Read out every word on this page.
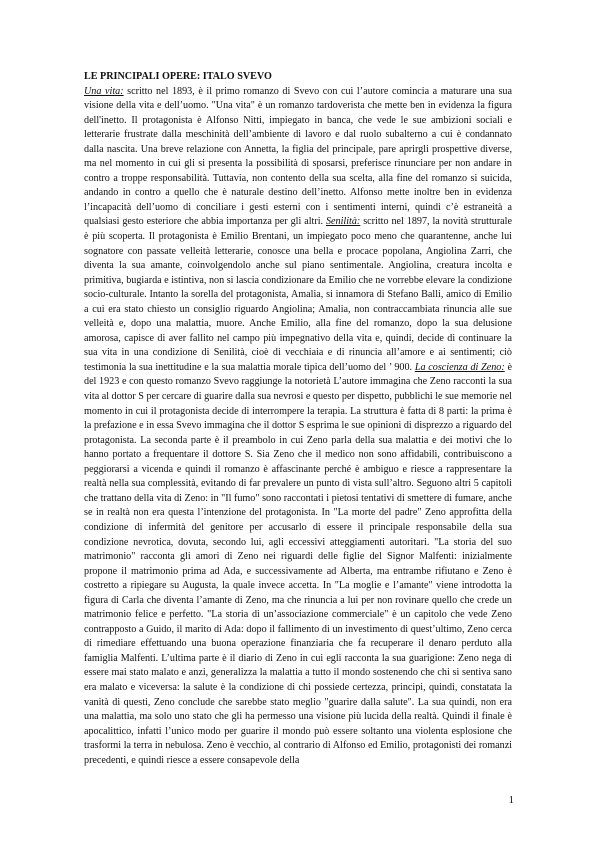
LE PRINCIPALI OPERE: ITALO SVEVO

Una vita: scritto nel 1893, è il primo romanzo di Svevo con cui l’autore comincia a maturare una sua visione della vita e dell’uomo. "Una vita" è un romanzo tardoverista che mette ben in evidenza la figura dell'inetto. Il protagonista è Alfonso Nitti, impiegato in banca, che vede le sue ambizioni sociali e letterarie frustrate dalla meschinità dell’ambiente di lavoro e dal ruolo subalterno a cui è condannato dalla nascita. Una breve relazione con Annetta, la figlia del principale, pare aprirgli prospettive diverse, ma nel momento in cui gli si presenta la possibilità di sposarsi, preferisce rinunciare per non andare in contro a troppe responsabilità. Tuttavia, non contento della sua scelta, alla fine del romanzo si suicida, andando in contro a quello che è naturale destino dell’inetto. Alfonso mette inoltre ben in evidenza l’incapacità dell’uomo di conciliare i gesti esterni con i sentimenti interni, quindi c’è estraneità a qualsiasi gesto esteriore che abbia importanza per gli altri. Senilità: scritto nel 1897, la novità strutturale è più scoperta. Il protagonista è Emilio Brentani, un impiegato poco meno che quarantenne, anche lui sognatore con passate velleità letterarie, conosce una bella e procace popolana, Angiolina Zarri, che diventa la sua amante, coinvolgendolo anche sul piano sentimentale. Angiolina, creatura incolta e primitiva, bugiarda e istintiva, non si lascia condizionare da Emilio che ne vorrebbe elevare la condizione socio-culturale. Intanto la sorella del protagonista, Amalia, si innamora di Stefano Balli, amico di Emilio a cui era stato chiesto un consiglio riguardo Angiolina; Amalia, non contraccambiata rinuncia alle sue velleità e, dopo una malattia, muore. Anche Emilio, alla fine del romanzo, dopo la sua delusione amorosa, capisce di aver fallito nel campo più impegnativo della vita e, quindi, decide di continuare la sua vita in una condizione di Senilità, cioè di vecchiaia e di rinuncia all’amore e ai sentimenti; ciò testimonia la sua inettitudine e la sua malattia morale tipica dell’uomo del ’ 900. La coscienza di Zeno: è del 1923 e con questo romanzo Svevo raggiunge la notorietà L’autore immagina che Zeno racconti la sua vita al dottor S per cercare di guarire dalla sua nevrosi e questo per dispetto, pubblichi le sue memorie nel momento in cui il protagonista decide di interrompere la terapia. La struttura è fatta di 8 parti: la prima è la prefazione e in essa Svevo immagina che il dottor S esprima le sue opinioni di disprezzo a riguardo del protagonista. La seconda parte è il preambolo in cui Zeno parla della sua malattia e dei motivi che lo hanno portato a frequentare il dottore S. Sia Zeno che il medico non sono affidabili, contribuiscono a peggiorarsi a vicenda e quindi il romanzo è affascinante perché è ambiguo e riesce a rappresentare la realtà nella sua complessità, evitando di far prevalere un punto di vista sull’altro. Seguono altri 5 capitoli che trattano della vita di Zeno: in "Il fumo" sono raccontati i pietosi tentativi di smettere di fumare, anche se in realtà non era questa l’intenzione del protagonista. In "La morte del padre" Zeno approfitta della condizione di infermità del genitore per accusarlo di essere il principale responsabile della sua condizione nevrotica, dovuta, secondo lui, agli eccessivi atteggiamenti autoritari. "La storia del suo matrimonio" racconta gli amori di Zeno nei riguardi delle figlie del Signor Malfenti: inizialmente propone il matrimonio prima ad Ada, e successivamente ad Alberta, ma entrambe rifiutano e Zeno è costretto a ripiegare su Augusta, la quale invece accetta. In "La moglie e l’amante" viene introdotta la figura di Carla che diventa l’amante di Zeno, ma che rinuncia a lui per non rovinare quello che crede un matrimonio felice e perfetto. "La storia di un’associazione commerciale" è un capitolo che vede Zeno contrapposto a Guido, il marito di Ada: dopo il fallimento di un investimento di quest’ultimo, Zeno cerca di rimediare effettuando una buona operazione finanziaria che fa recuperare il denaro perduto alla famiglia Malfenti. L’ultima parte è il diario di Zeno in cui egli racconta la sua guarigione: Zeno nega di essere mai stato malato e anzi, generalizza la malattia a tutto il mondo sostenendo che chi si sentiva sano era malato e viceversa: la salute è la condizione di chi possiede certezza, principi, quindi, constatata la vanità di questi, Zeno conclude che sarebbe stato meglio "guarire dalla salute". La sua quindi, non era una malattia, ma solo uno stato che gli ha permesso una visione più lucida della realtà. Quindi il finale è apocalittico, infatti l’unico modo per guarire il mondo può essere soltanto una violenta esplosione che trasformi la terra in nebulosa. Zeno è vecchio, al contrario di Alfonso ed Emilio, protagonisti dei romanzi precedenti, e quindi riesce a essere consapevole della

1
